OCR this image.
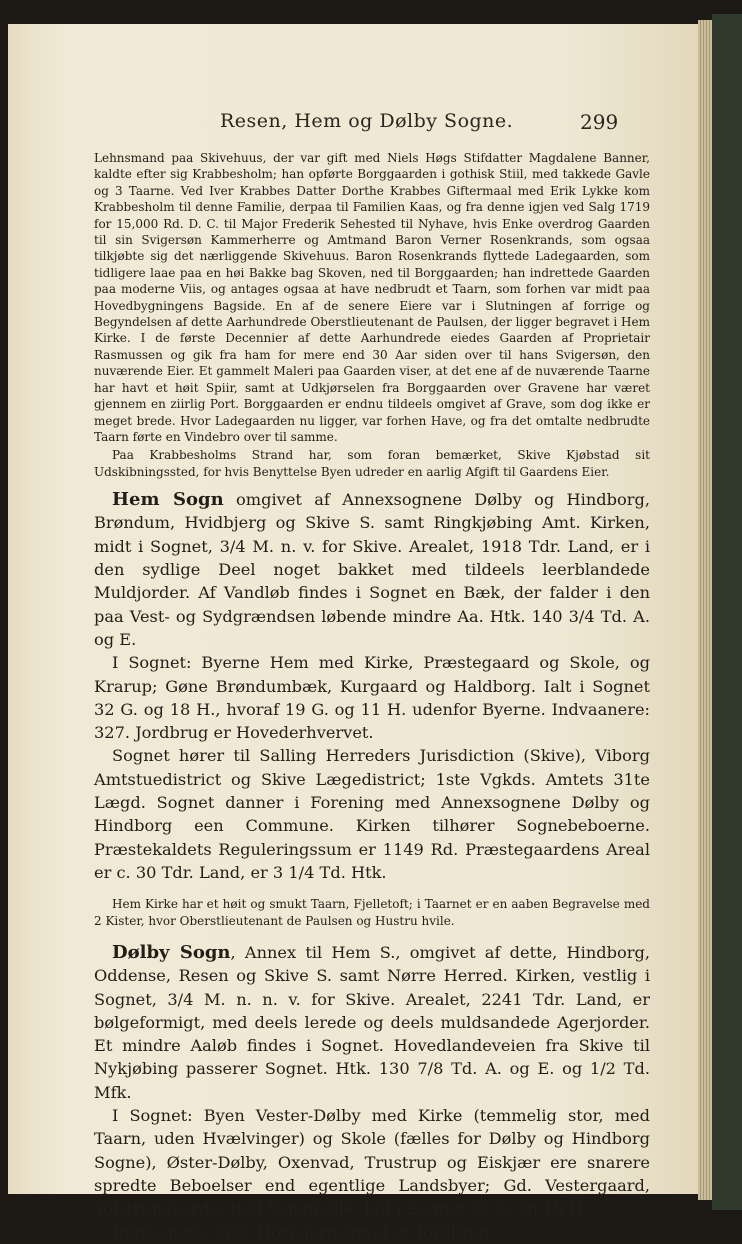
Resen, Hem og Dølby Sogne.	299

Lehnsmand paa Skivehuus, der var gift med Niels Høgs Stifdatter Magdalene Banner, kaldte efter sig Krabbesholm; han opførte Borggaarden i gothisk Stiil, med takkede Gavle og 3 Taarne. Ved Iver Krabbes Datter Dorthe Krabbes Giftermaal med Erik Lykke kom Krabbesholm til denne Familie, derpaa til Familien Kaas, og fra denne igjen ved Salg 1719 for 15,000 Rd. D. C. til Major Frederik Sehested til Nyhave, hvis Enke overdrog Gaarden til sin Svigersøn Kammerherre og Amtmand Baron Verner Rosenkrands, som ogsaa tilkjøbte sig det nærliggende Skivehuus. Baron Rosenkrands flyttede Ladegaarden, som tidligere laae paa en høi Bakke bag Skoven, ned til Borggaarden; han indrettede Gaarden paa moderne Viis, og antages ogsaa at have nedbrudt et Taarn, som forhen var midt paa Hovedbygningens Bagside. En af de senere Eiere var i Slutningen af forrige og Begyndelsen af dette Aarhundrede Oberstlieutenant de Paulsen, der ligger begravet i Hem Kirke. I de første Decennier af dette Aarhundrede eiedes Gaarden af Proprietair Rasmussen og gik fra ham for mere end 30 Aar siden over til hans Svigersøn, den nuværende Eier. Et gammelt Maleri paa Gaarden viser, at det ene af de nuværende Taarne har havt et høit Spiir, samt at Udkjørselen fra Borggaarden over Gravene har været gjennem en ziirlig Port. Borggaarden er endnu tildeels omgivet af Grave, som dog ikke er meget brede. Hvor Ladegaarden nu ligger, var forhen Have, og fra det omtalte nedbrudte Taarn førte en Vindebro over til samme.

Paa Krabbesholms Strand har, som foran bemærket, Skive Kjøbstad sit Udskibningssted, for hvis Benyttelse Byen udreder en aarlig Afgift til Gaardens Eier.

Hem Sogn omgivet af Annexsognene Dølby og Hindborg, Brøndum, Hvidbjerg og Skive S. samt Ringkjøbing Amt. Kirken, midt i Sognet, 3/4 M. n. v. for Skive. Arealet, 1918 Tdr. Land, er i den sydlige Deel noget bakket med tildeels leerblandede Muldjorder. Af Vandløb findes i Sognet en Bæk, der falder i den paa Vest- og Sydgrændsen løbende mindre Aa. Htk. 140 3/4 Td. A. og E.

I Sognet: Byerne Hem med Kirke, Præstegaard og Skole, og Krarup; Gøne Brøndumbæk, Kurgaard og Haldborg. Ialt i Sognet 32 G. og 18 H., hvoraf 19 G. og 11 H. udenfor Byerne. Indvaanere: 327. Jordbrug er Hovederhvervet.

Sognet hører til Salling Herreders Jurisdiction (Skive), Viborg Amtstuedistrict og Skive Lægedistrict; 1ste Vgkds. Amtets 31te Lægd. Sognet danner i Forening med Annexsognene Dølby og Hindborg een Commune. Kirken tilhører Sognebeboerne. Præstekaldets Reguleringssum er 1149 Rd. Præstegaardens Areal er c. 30 Tdr. Land, er 3 1/4 Td. Htk.

Hem Kirke har et høit og smukt Taarn, Fjelletoft; i Taarnet er en aaben Begravelse med 2 Kister, hvor Oberstlieutenant de Paulsen og Hustru hvile.

Dølby Sogn, Annex til Hem S., omgivet af dette, Hindborg, Oddense, Resen og Skive S. samt Nørre Herred. Kirken, vestlig i Sognet, 3/4 M. n. n. v. for Skive. Arealet, 2241 Tdr. Land, er bølgeformigt, med deels lerede og deels muldsandede Agerjorder. Et mindre Aaløb findes i Sognet. Hovedlandeveien fra Skive til Nykjøbing passerer Sognet. Htk. 130 7/8 Td. A. og E. og 1/2 Td. Mfk.

I Sognet: Byen Vester-Dølby med Kirke (temmelig stor, med Taarn, uden Hvælvinger) og Skole (fælles for Dølby og Hindborg Sogne), Øster-Dølby, Oxenvad, Trustrup og Eiskjær ere snarere spredte Beboelser end egentlige Landsbyer; Gd. Vestergaard, Tolstrupgaarde; Rud Vandmølle. Ialt i Sognet 36 G. og 19 H.

Indvaanere: 362. Hovederhvervet er Jordbrug.
